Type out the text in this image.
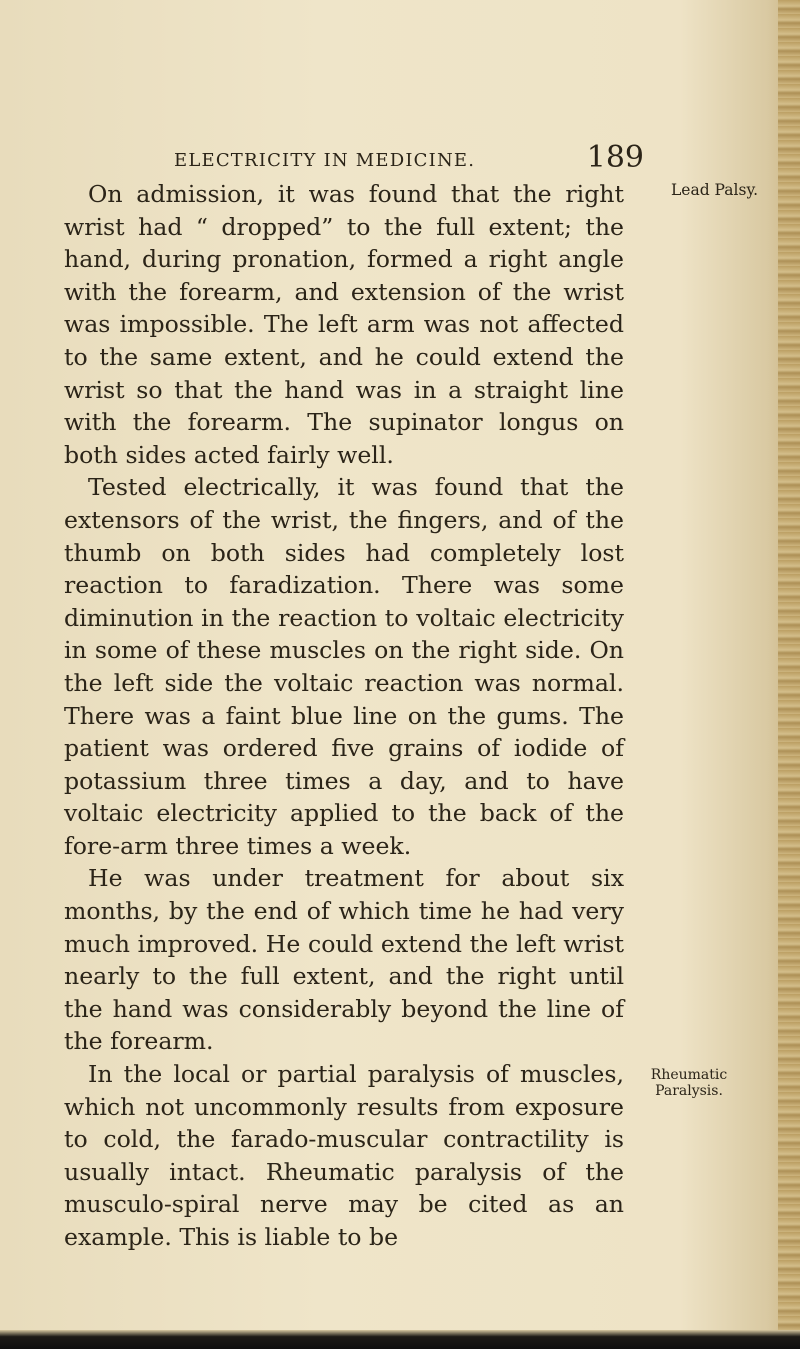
ELECTRICITY IN MEDICINE.	189
Lead Palsy.
Rheumatic Paralysis.

On admission, it was found that the right wrist had “ dropped” to the full extent; the hand, during pronation, formed a right angle with the forearm, and extension of the wrist was impossible. The left arm was not affected to the same extent, and he could extend the wrist so that the hand was in a straight line with the forearm. The supinator longus on both sides acted fairly well.

Tested electrically, it was found that the extensors of the wrist, the fingers, and of the thumb on both sides had completely lost reaction to faradization. There was some diminution in the reaction to voltaic electricity in some of these muscles on the right side. On the left side the voltaic reaction was normal. There was a faint blue line on the gums. The patient was ordered five grains of iodide of potassium three times a day, and to have voltaic electricity applied to the back of the fore-arm three times a week.

He was under treatment for about six months, by the end of which time he had very much improved. He could extend the left wrist nearly to the full extent, and the right until the hand was considerably beyond the line of the forearm.

In the local or partial paralysis of muscles, which not uncommonly results from exposure to cold, the farado-muscular contractility is usually intact. Rheumatic paralysis of the musculo-spiral nerve may be cited as an example. This is liable to be
